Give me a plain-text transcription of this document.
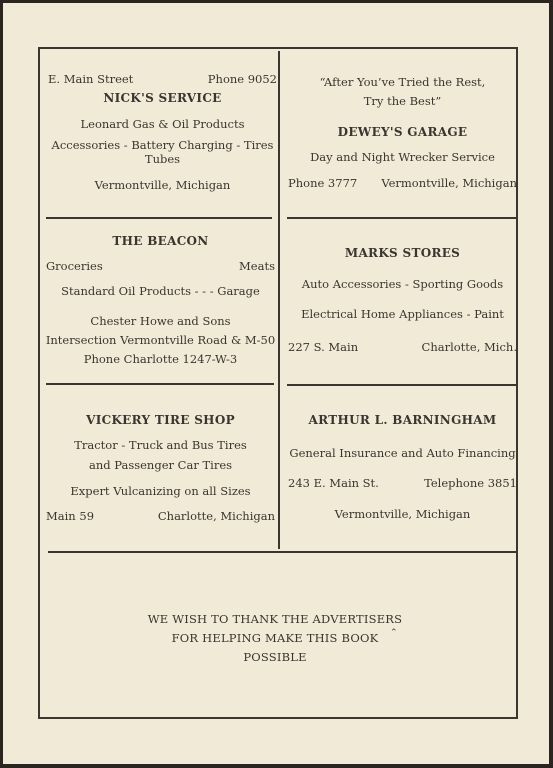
E. Main Street	Phone 9052
NICK'S SERVICE
Leonard Gas & Oil Products
Accessories - Battery Charging - Tires
Tubes
Vermontville, Michigan
“After You’ve Tried the Rest,
Try the Best”
DEWEY'S GARAGE
Day and Night Wrecker Service
Phone 3777 Vermontville, Michigan
THE BEACON
Groceries	Meats
Standard Oil Products - - - Garage
Chester Howe and Sons
Intersection Vermontville Road & M-50
Phone Charlotte 1247-W-3
MARKS STORES
Auto Accessories - Sporting Goods
Electrical Home Appliances - Paint
227 S. Main	Charlotte, Mich.
VICKERY TIRE SHOP
Tractor - Truck and Bus Tires
and Passenger Car Tires
Expert Vulcanizing on all Sizes
Main 59	Charlotte, Michigan
ARTHUR L. BARNINGHAM
General Insurance and Auto Financing
243 E. Main St.	Telephone 3851
Vermontville, Michigan
WE WISH TO THANK THE ADVERTISERS
FOR HELPING MAKE THIS BOOK
POSSIBLE
⌃
